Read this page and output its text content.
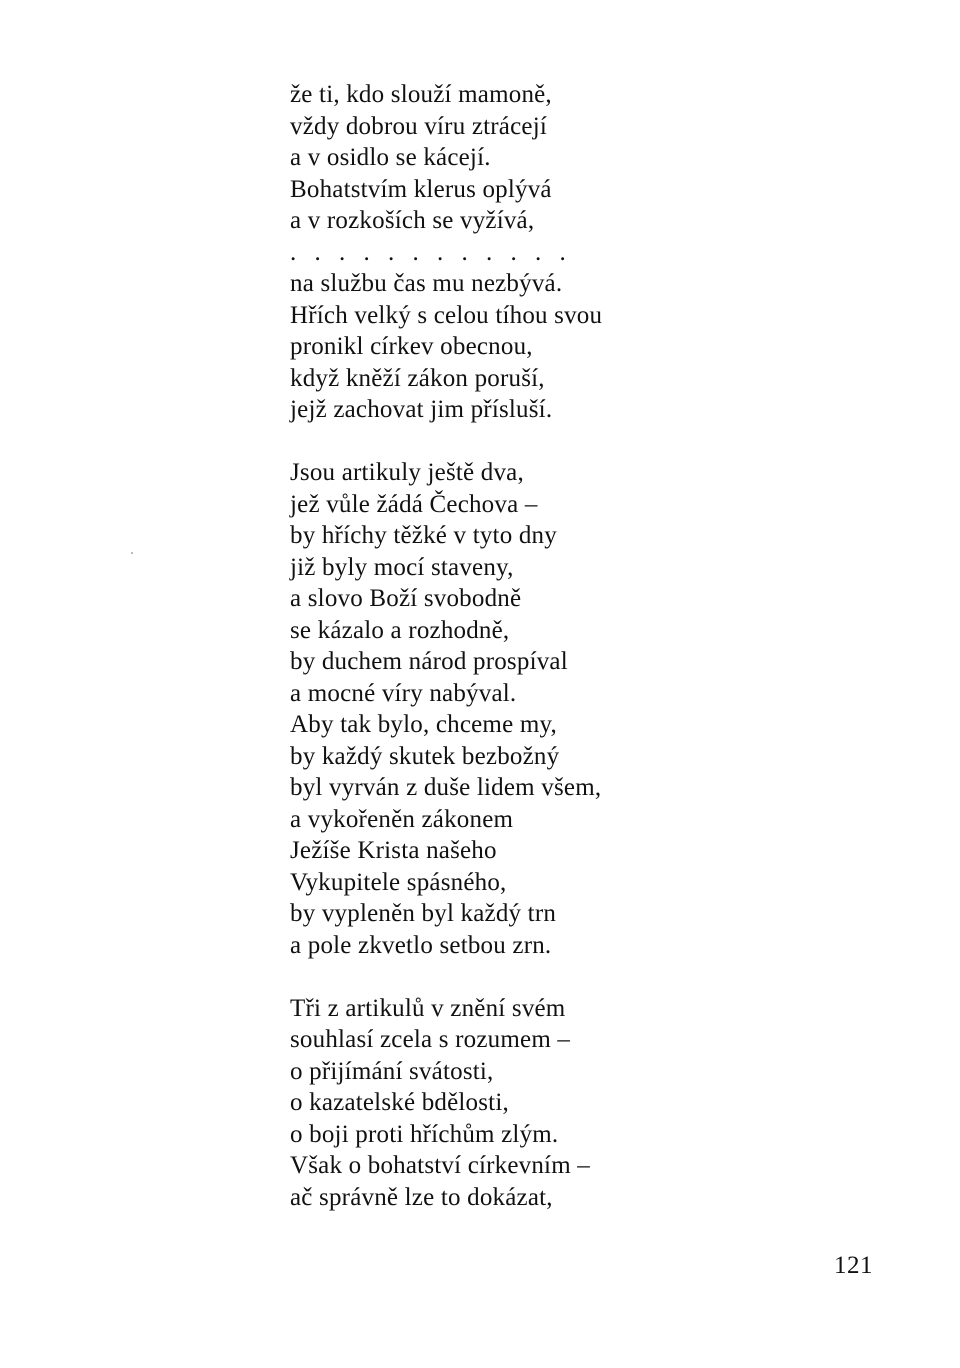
že ti, kdo slouží mamoně,
vždy dobrou víru ztrácejí
a v osidlo se kácejí.
Bohatstvím klerus oplývá
a v rozkoších se vyžívá,
. . . . . . . . . . . .
na službu čas mu nezbývá.
Hřích velký s celou tíhou svou
pronikl církev obecnou,
když kněží zákon poruší,
jejž zachovat jim přísluší.
Jsou artikuly ještě dva,
jež vůle žádá Čechova –
by hříchy těžké v tyto dny
již byly mocí staveny,
a slovo Boží svobodně
se kázalo a rozhodně,
by duchem národ prospíval
a mocné víry nabýval.
Aby tak bylo, chceme my,
by každý skutek bezbožný
byl vyrván z duše lidem všem,
a vykořeněn zákonem
Ježíše Krista našeho
Vykupitele spásného,
by vypleněn byl každý trn
a pole zkvetlo setbou zrn.
Tři z artikulů v znění svém
souhlasí zcela s rozumem –
o přijímání svátosti,
o kazatelské bdělosti,
o boji proti hříchům zlým.
Však o bohatství církevním –
ač správně lze to dokázat,
121
